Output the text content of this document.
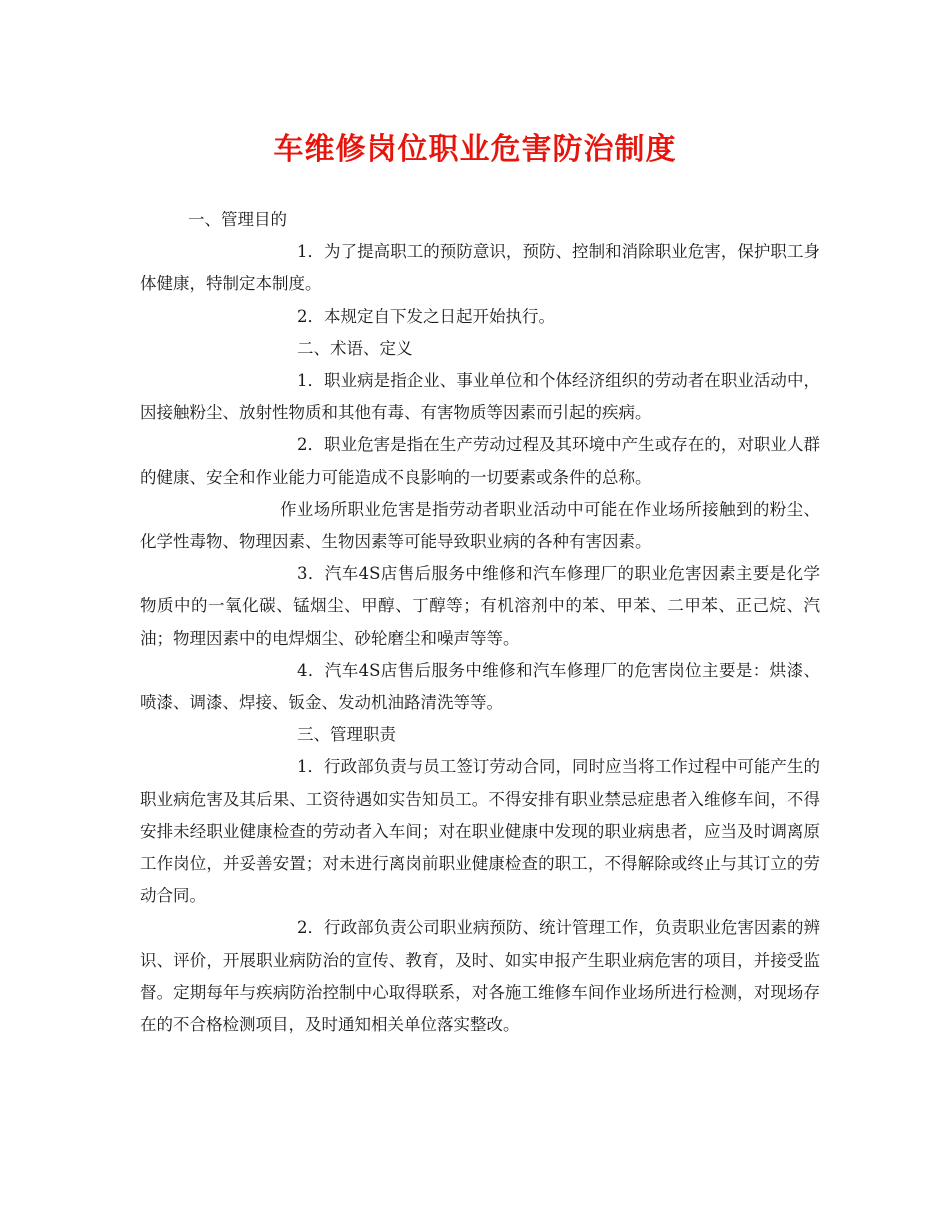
车维修岗位职业危害防治制度

一、管理目的

1．为了提高职工的预防意识，预防、控制和消除职业危害，保护职工身体健康，特制定本制度。

2．本规定自下发之日起开始执行。

二、术语、定义

1．职业病是指企业、事业单位和个体经济组织的劳动者在职业活动中，因接触粉尘、放射性物质和其他有毒、有害物质等因素而引起的疾病。

2．职业危害是指在生产劳动过程及其环境中产生或存在的，对职业人群的健康、安全和作业能力可能造成不良影响的一切要素或条件的总称。

作业场所职业危害是指劳动者职业活动中可能在作业场所接触到的粉尘、化学性毒物、物理因素、生物因素等可能导致职业病的各种有害因素。

3．汽车4S店售后服务中维修和汽车修理厂的职业危害因素主要是化学物质中的一氧化碳、锰烟尘、甲醇、丁醇等；有机溶剂中的苯、甲苯、二甲苯、正己烷、汽油；物理因素中的电焊烟尘、砂轮磨尘和噪声等等。

4．汽车4S店售后服务中维修和汽车修理厂的危害岗位主要是：烘漆、喷漆、调漆、焊接、钣金、发动机油路清洗等等。

三、管理职责

1．行政部负责与员工签订劳动合同，同时应当将工作过程中可能产生的职业病危害及其后果、工资待遇如实告知员工。不得安排有职业禁忌症患者入维修车间，不得安排未经职业健康检查的劳动者入车间；对在职业健康中发现的职业病患者，应当及时调离原工作岗位，并妥善安置；对未进行离岗前职业健康检查的职工，不得解除或终止与其订立的劳动合同。

2．行政部负责公司职业病预防、统计管理工作，负责职业危害因素的辨识、评价，开展职业病防治的宣传、教育，及时、如实申报产生职业病危害的项目，并接受监督。定期每年与疾病防治控制中心取得联系，对各施工维修车间作业场所进行检测，对现场存在的不合格检测项目，及时通知相关单位落实整改。
